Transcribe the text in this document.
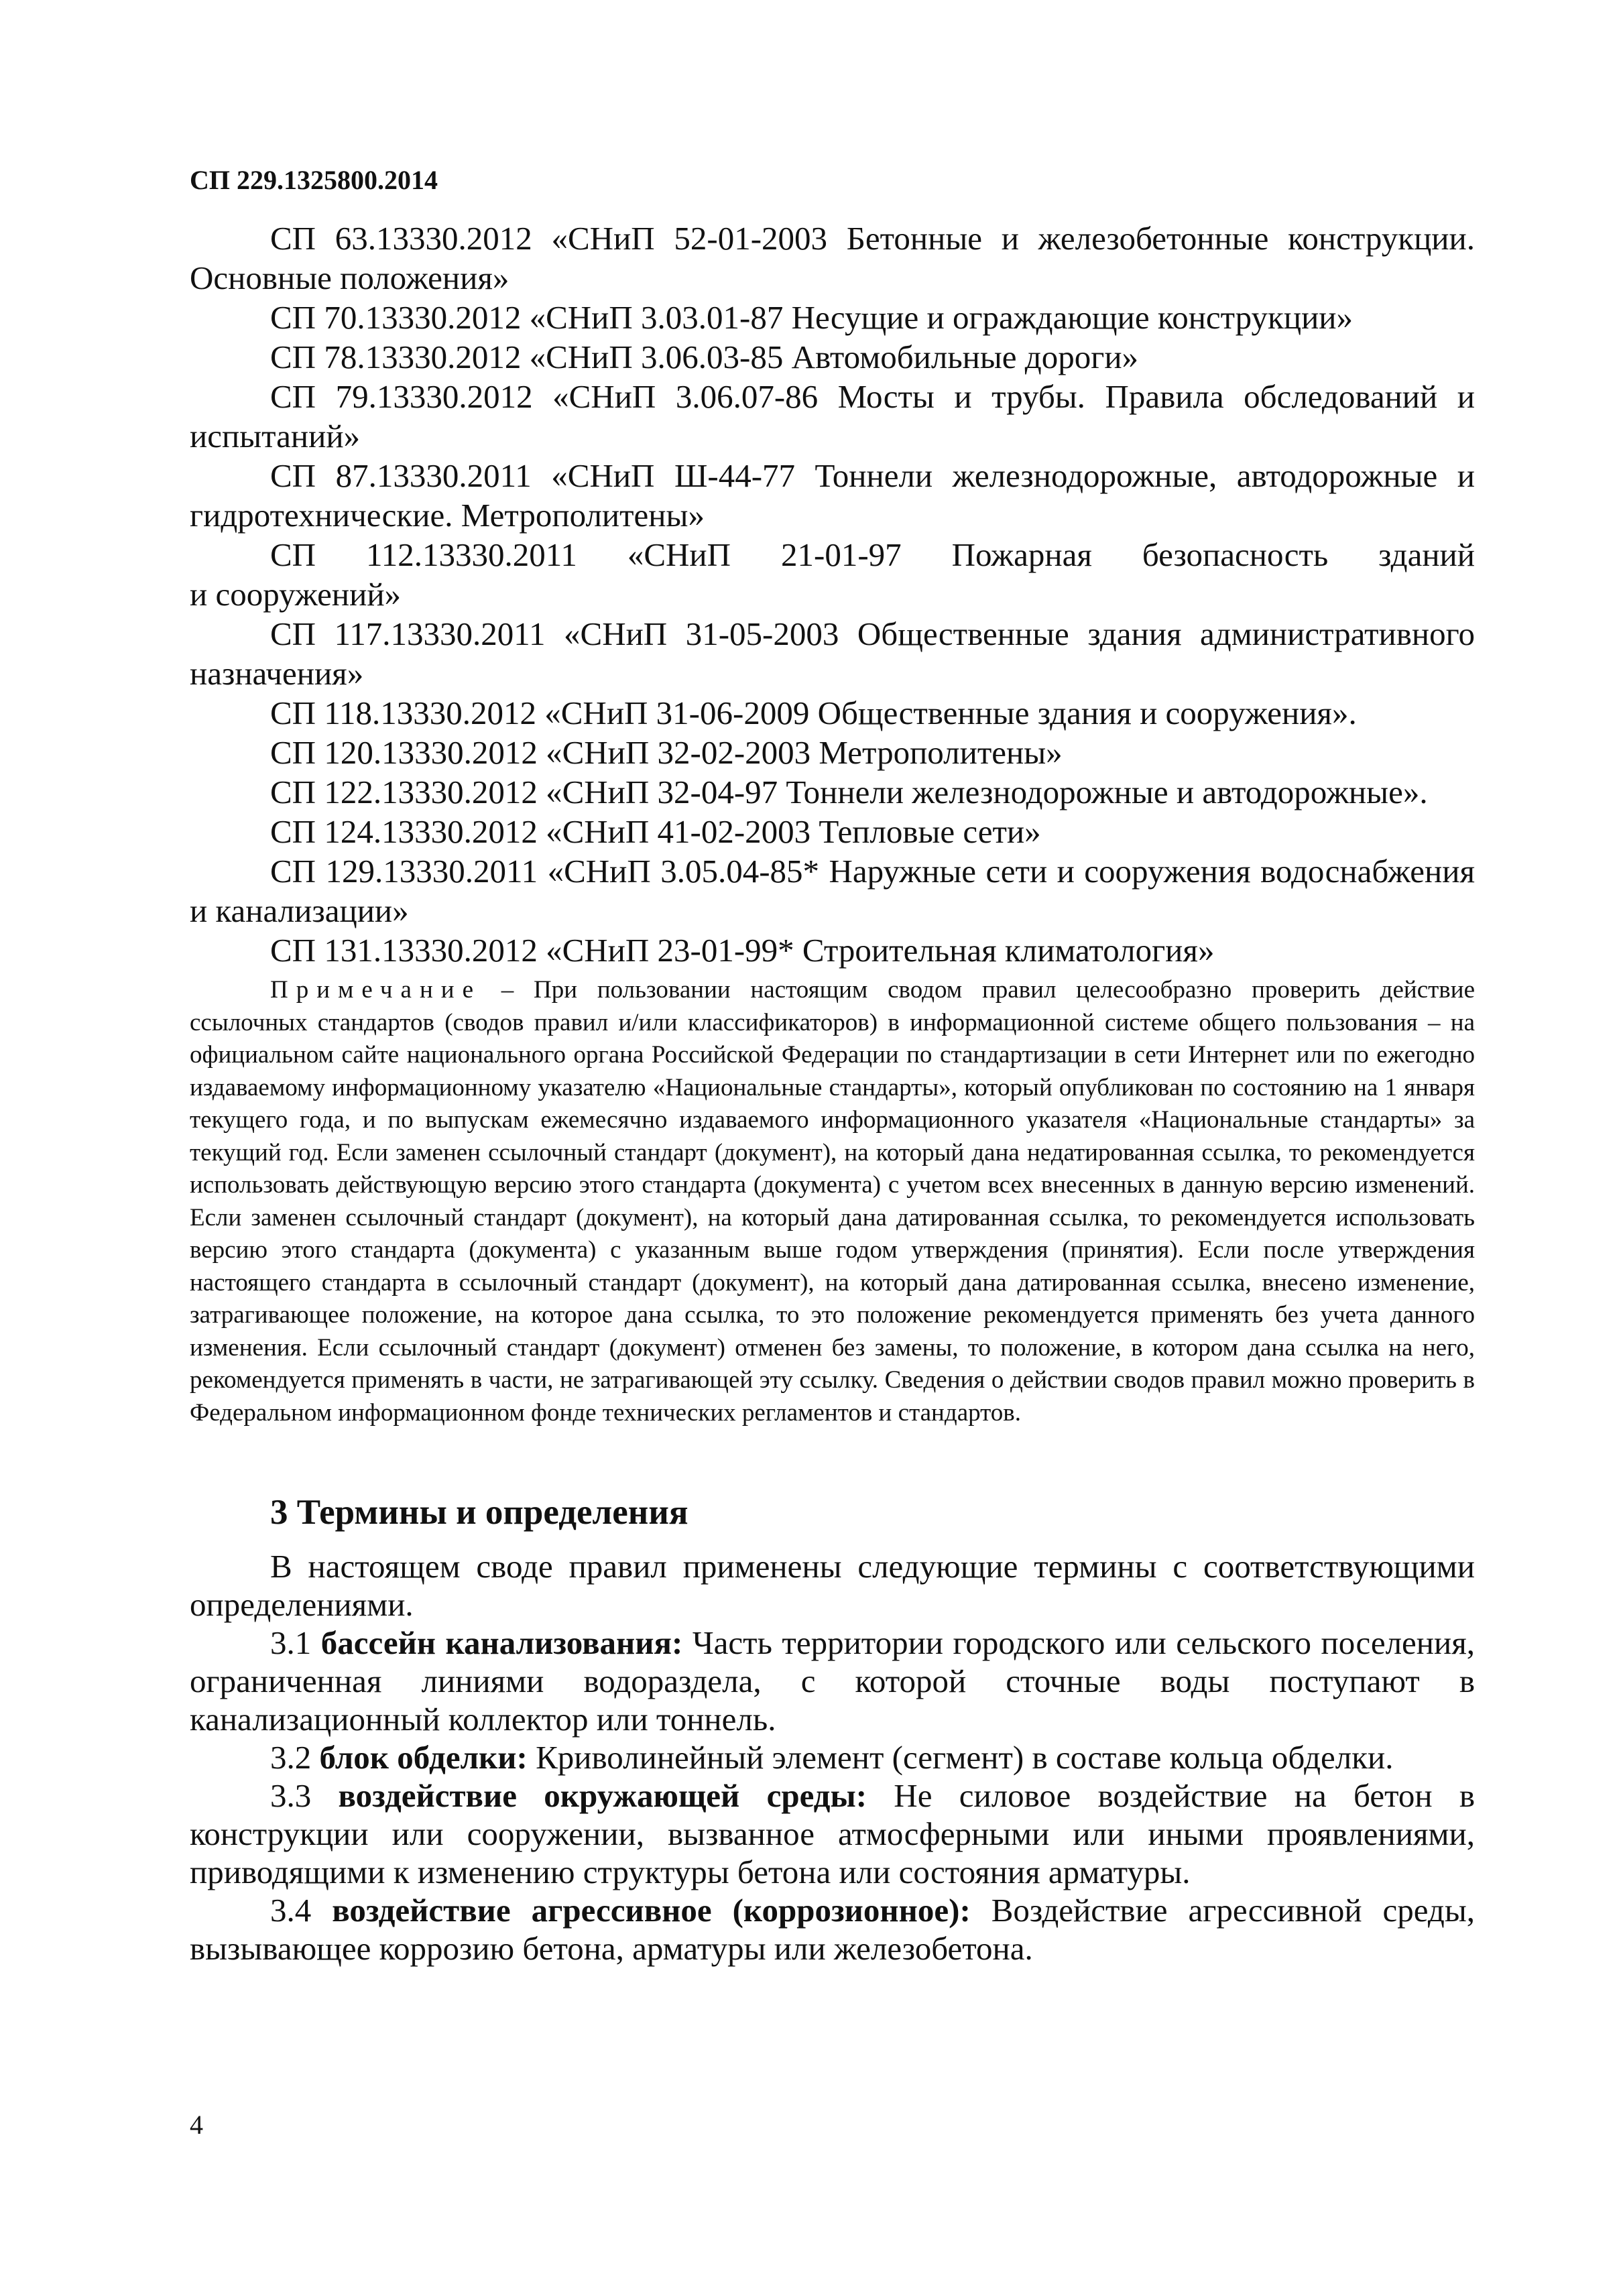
СП 229.1325800.2014

СП 63.13330.2012 «СНиП 52-01-2003 Бетонные и железобетонные конструкции. Основные положения»

СП 70.13330.2012 «СНиП 3.03.01-87 Несущие и ограждающие конструкции»

СП 78.13330.2012 «СНиП 3.06.03-85 Автомобильные дороги»

СП 79.13330.2012 «СНиП 3.06.07-86 Мосты и трубы. Правила обследований и испытаний»

СП 87.13330.2011 «СНиП Ш-44-77 Тоннели железнодорожные, автодорожные и гидротехнические. Метрополитены»

СП 112.13330.2011 «СНиП 21-01-97 Пожарная безопасность зданий

и сооружений»

СП 117.13330.2011 «СНиП 31-05-2003 Общественные здания административного назначения»

СП 118.13330.2012 «СНиП 31-06-2009 Общественные здания и сооружения».

СП 120.13330.2012 «СНиП 32-02-2003 Метрополитены»

СП 122.13330.2012 «СНиП 32-04-97 Тоннели железнодорожные и автодорожные».

СП 124.13330.2012 «СНиП 41-02-2003 Тепловые сети»

СП 129.13330.2011 «СНиП 3.05.04-85* Наружные сети и сооружения водоснабжения и канализации»

СП 131.13330.2012 «СНиП 23-01-99* Строительная климатология»

Примечание – При пользовании настоящим сводом правил целесообразно проверить действие ссылочных стандартов (сводов правил и/или классификаторов) в информационной системе общего пользования – на официальном сайте национального органа Российской Федерации по стандартизации в сети Интернет или по ежегодно издаваемому информационному указателю «Национальные стандарты», который опубликован по состоянию на 1 января текущего года, и по выпускам ежемесячно издаваемого информационного указателя «Национальные стандарты» за текущий год. Если заменен ссылочный стандарт (документ), на который дана недатированная ссылка, то рекомендуется использовать действующую версию этого стандарта (документа) с учетом всех внесенных в данную версию изменений. Если заменен ссылочный стандарт (документ), на который дана датированная ссылка, то рекомендуется использовать версию этого стандарта (документа) с указанным выше годом утверждения (принятия). Если после утверждения настоящего стандарта в ссылочный стандарт (документ), на который дана датированная ссылка, внесено изменение, затрагивающее положение, на которое дана ссылка, то это положение рекомендуется применять без учета данного изменения. Если ссылочный стандарт (документ) отменен без замены, то положение, в котором дана ссылка на него, рекомендуется применять в части, не затрагивающей эту ссылку. Сведения о действии сводов правил можно проверить в Федеральном информационном фонде технических регламентов и стандартов.

3 Термины и определения

В настоящем своде правил применены следующие термины с соответствующими определениями.

3.1 бассейн канализования: Часть территории городского или сельского поселения, ограниченная линиями водораздела, с которой сточные воды поступают в канализационный коллектор или тоннель.

3.2 блок обделки: Криволинейный элемент (сегмент) в составе кольца обделки.

3.3 воздействие окружающей среды: Не силовое воздействие на бетон в конструкции или сооружении, вызванное атмосферными или иными проявлениями, приводящими к изменению структуры бетона или состояния арматуры.

3.4 воздействие агрессивное (коррозионное): Воздействие агрессивной среды, вызывающее коррозию бетона, арматуры или железобетона.

4
